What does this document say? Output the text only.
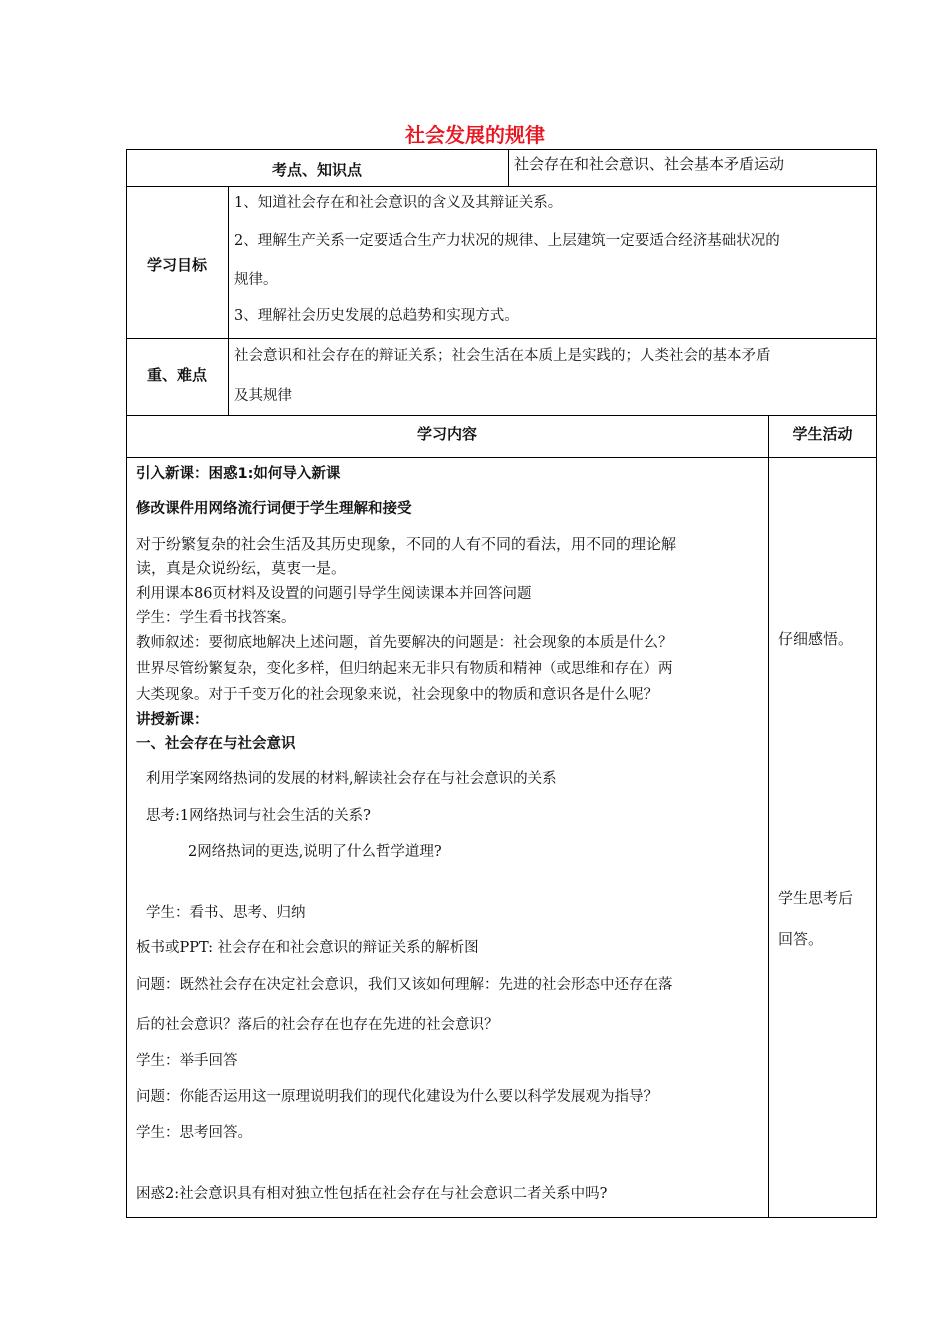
社会发展的规律
考点、知识点	社会存在和社会意识、社会基本矛盾运动
学习目标
1、知道社会存在和社会意识的含义及其辩证关系。
2、理解生产关系一定要适合生产力状况的规律、上层建筑一定要适合经济基础状况的
规律。
3、理解社会历史发展的总趋势和实现方式。
重、难点
社会意识和社会存在的辩证关系；社会生活在本质上是实践的；人类社会的基本矛盾
及其规律
学习内容	学生活动
引入新课：困惑1:如何导入新课
修改课件用网络流行词便于学生理解和接受
对于纷繁复杂的社会生活及其历史现象，不同的人有不同的看法，用不同的理论解
读，真是众说纷纭，莫衷一是。
利用课本86页材料及设置的问题引导学生阅读课本并回答问题
学生：学生看书找答案。
教师叙述：要彻底地解决上述问题，首先要解决的问题是：社会现象的本质是什么？
世界尽管纷繁复杂，变化多样，但归纳起来无非只有物质和精神（或思维和存在）两
大类现象。对于千变万化的社会现象来说，社会现象中的物质和意识各是什么呢？
讲授新课：
一、社会存在与社会意识
利用学案网络热词的发展的材料,解读社会存在与社会意识的关系
思考:1网络热词与社会生活的关系?
2网络热词的更迭,说明了什么哲学道理?
学生：看书、思考、归纳
板书或PPT: 社会存在和社会意识的辩证关系的解析图
问题：既然社会存在决定社会意识，我们又该如何理解：先进的社会形态中还存在落
后的社会意识？落后的社会存在也存在先进的社会意识？
学生：举手回答
问题：你能否运用这一原理说明我们的现代化建设为什么要以科学发展观为指导？
学生：思考回答。
困惑2:社会意识具有相对独立性包括在社会存在与社会意识二者关系中吗?
仔细感悟。
学生思考后
回答。
